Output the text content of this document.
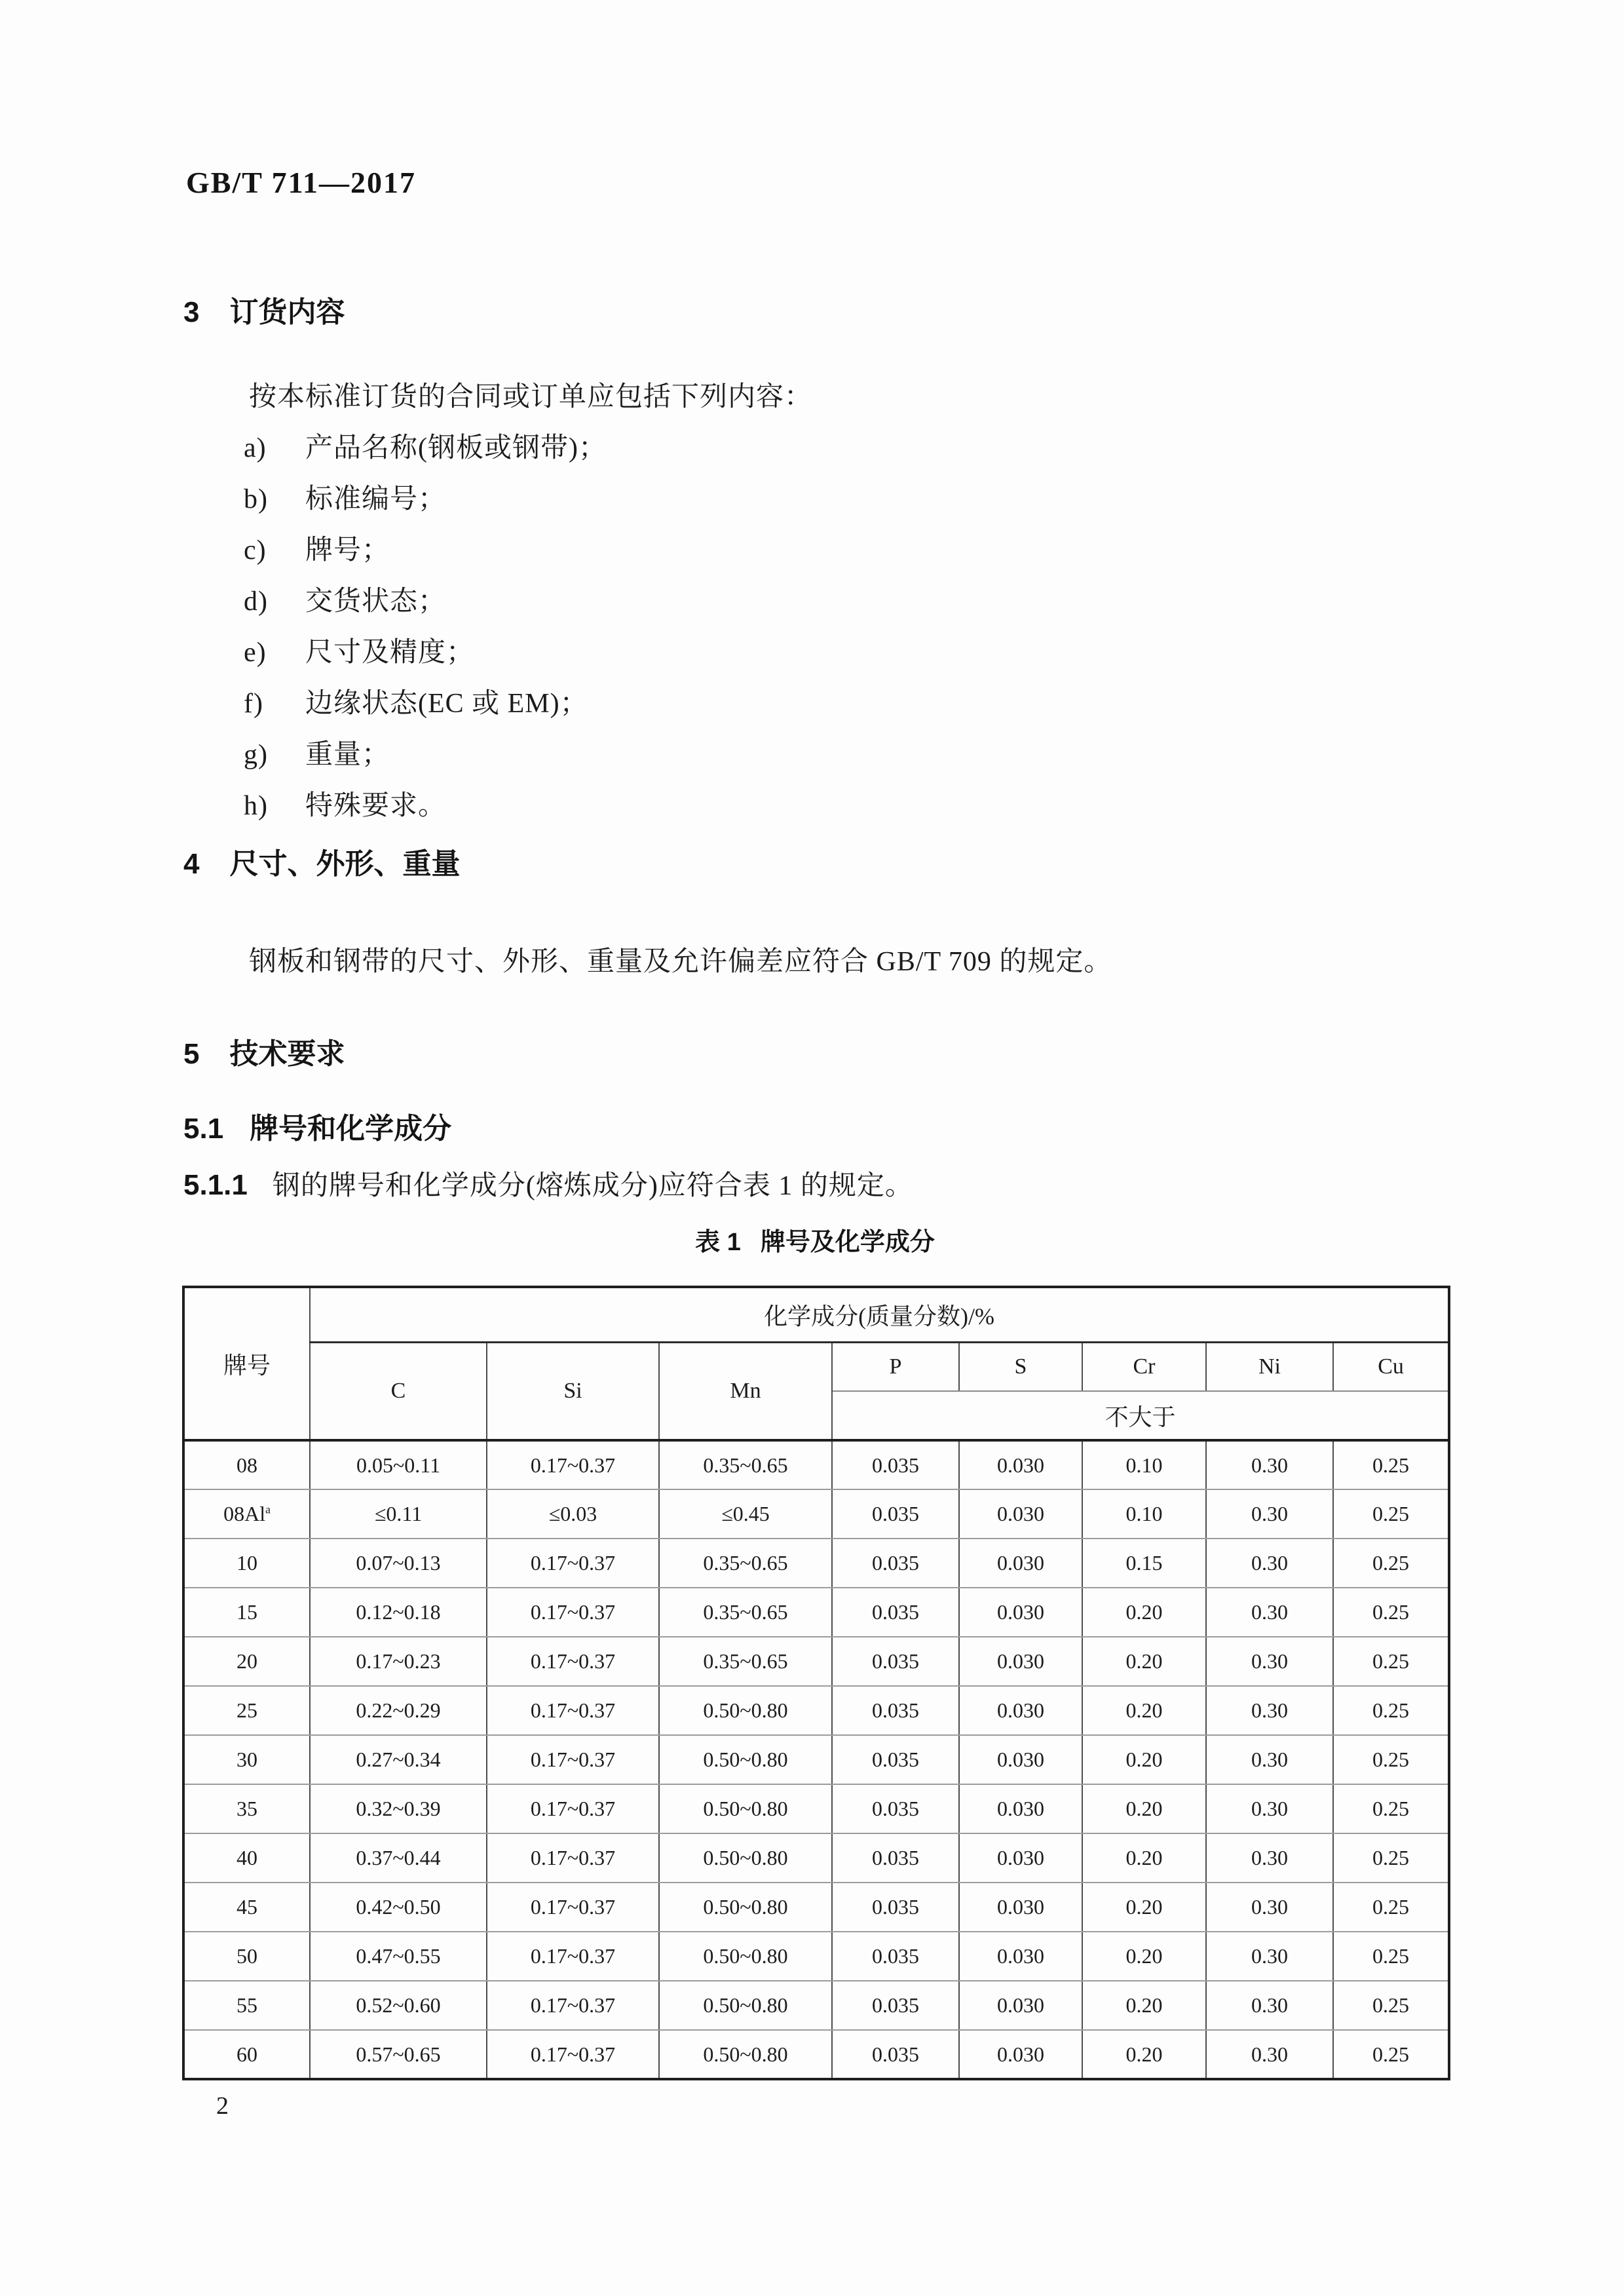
GB/T 711—2017
3 订货内容
按本标准订货的合同或订单应包括下列内容：
a) 产品名称(钢板或钢带)；
b) 标准编号；
c) 牌号；
d) 交货状态；
e) 尺寸及精度；
f) 边缘状态(EC 或 EM)；
g) 重量；
h) 特殊要求。
4 尺寸、外形、重量
钢板和钢带的尺寸、外形、重量及允许偏差应符合 GB/T 709 的规定。
5 技术要求
5.1 牌号和化学成分
5.1.1 钢的牌号和化学成分(熔炼成分)应符合表 1 的规定。
表 1 牌号及化学成分
牌号	化学成分(质量分数)/%							
	C	Si	Mn	P	S	Cr	Ni	Cu
				不大于				
08	0.05~0.11	0.17~0.37	0.35~0.65	0.035	0.030	0.10	0.30	0.25
$08Al^a$	≤0.11	≤0.03	≤0.45	0.035	0.030	0.10	0.30	0.25
10	0.07~0.13	0.17~0.37	0.35~0.65	0.035	0.030	0.15	0.30	0.25
15	0.12~0.18	0.17~0.37	0.35~0.65	0.035	0.030	0.20	0.30	0.25
20	0.17~0.23	0.17~0.37	0.35~0.65	0.035	0.030	0.20	0.30	0.25
25	0.22~0.29	0.17~0.37	0.50~0.80	0.035	0.030	0.20	0.30	0.25
30	0.27~0.34	0.17~0.37	0.50~0.80	0.035	0.030	0.20	0.30	0.25
35	0.32~0.39	0.17~0.37	0.50~0.80	0.035	0.030	0.20	0.30	0.25
40	0.37~0.44	0.17~0.37	0.50~0.80	0.035	0.030	0.20	0.30	0.25
45	0.42~0.50	0.17~0.37	0.50~0.80	0.035	0.030	0.20	0.30	0.25
50	0.47~0.55	0.17~0.37	0.50~0.80	0.035	0.030	0.20	0.30	0.25
55	0.52~0.60	0.17~0.37	0.50~0.80	0.035	0.030	0.20	0.30	0.25
60	0.57~0.65	0.17~0.37	0.50~0.80	0.035	0.030	0.20	0.30	0.25
2
